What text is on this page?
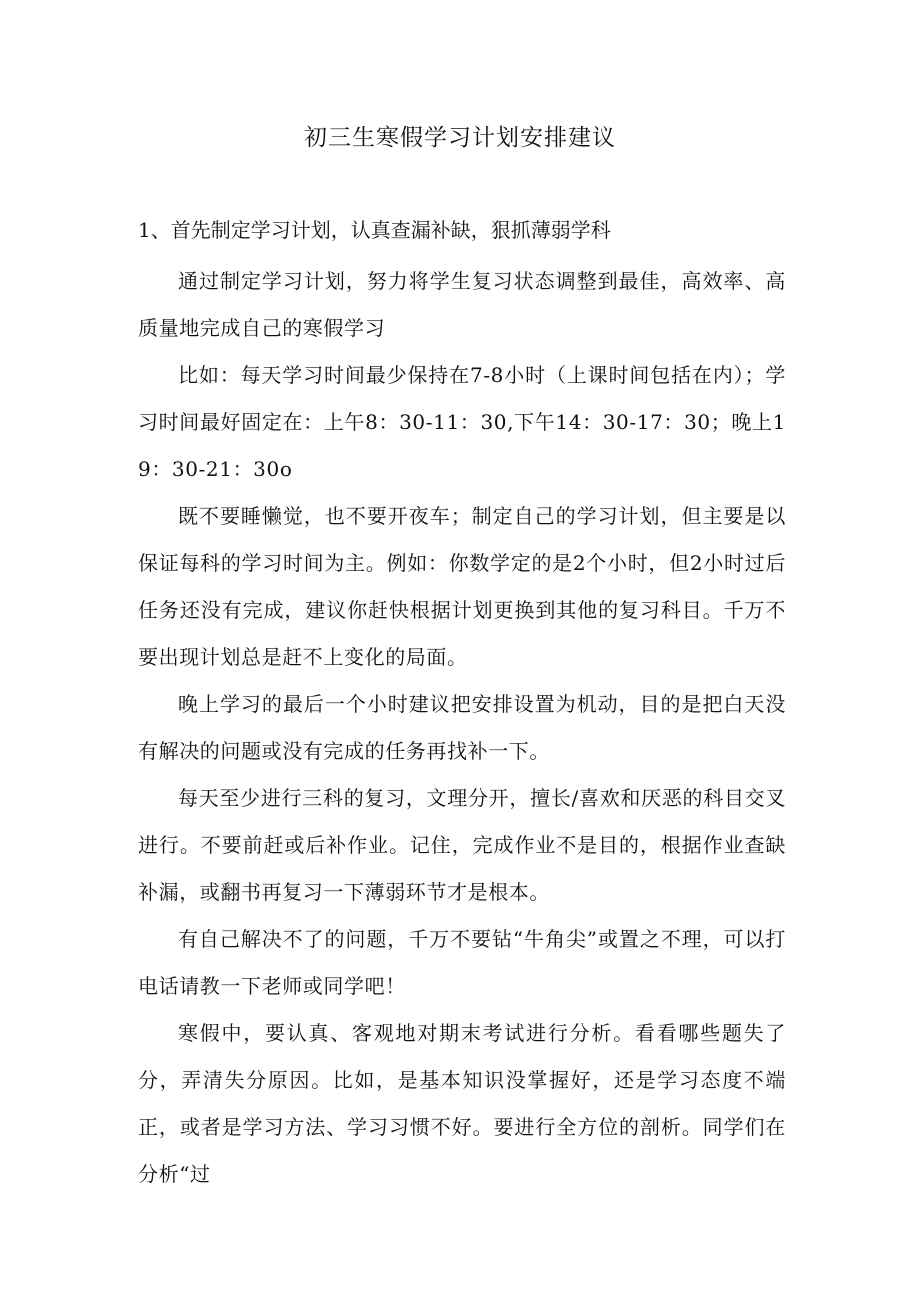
初三生寒假学习计划安排建议
1、首先制定学习计划，认真查漏补缺，狠抓薄弱学科

通过制定学习计划，努力将学生复习状态调整到最佳，高效率、高质量地完成自己的寒假学习

比如：每天学习时间最少保持在7-8小时（上课时间包括在内）；学习时间最好固定在：上午8：30-11：30,下午14：30-17：30；晚上19：30-21：30o

既不要睡懒觉，也不要开夜车；制定自己的学习计划，但主要是以保证每科的学习时间为主。例如：你数学定的是2个小时，但2小时过后任务还没有完成，建议你赶快根据计划更换到其他的复习科目。千万不要出现计划总是赶不上变化的局面。

晚上学习的最后一个小时建议把安排设置为机动，目的是把白天没有解决的问题或没有完成的任务再找补一下。

每天至少进行三科的复习，文理分开，擅长/喜欢和厌恶的科目交叉进行。不要前赶或后补作业。记住，完成作业不是目的，根据作业查缺补漏，或翻书再复习一下薄弱环节才是根本。

有自己解决不了的问题，千万不要钻“牛角尖”或置之不理，可以打电话请教一下老师或同学吧！

寒假中，要认真、客观地对期末考试进行分析。看看哪些题失了分，弄清失分原因。比如，是基本知识没掌握好，还是学习态度不端正，或者是学习方法、学习习惯不好。要进行全方位的剖析。同学们在分析“过
